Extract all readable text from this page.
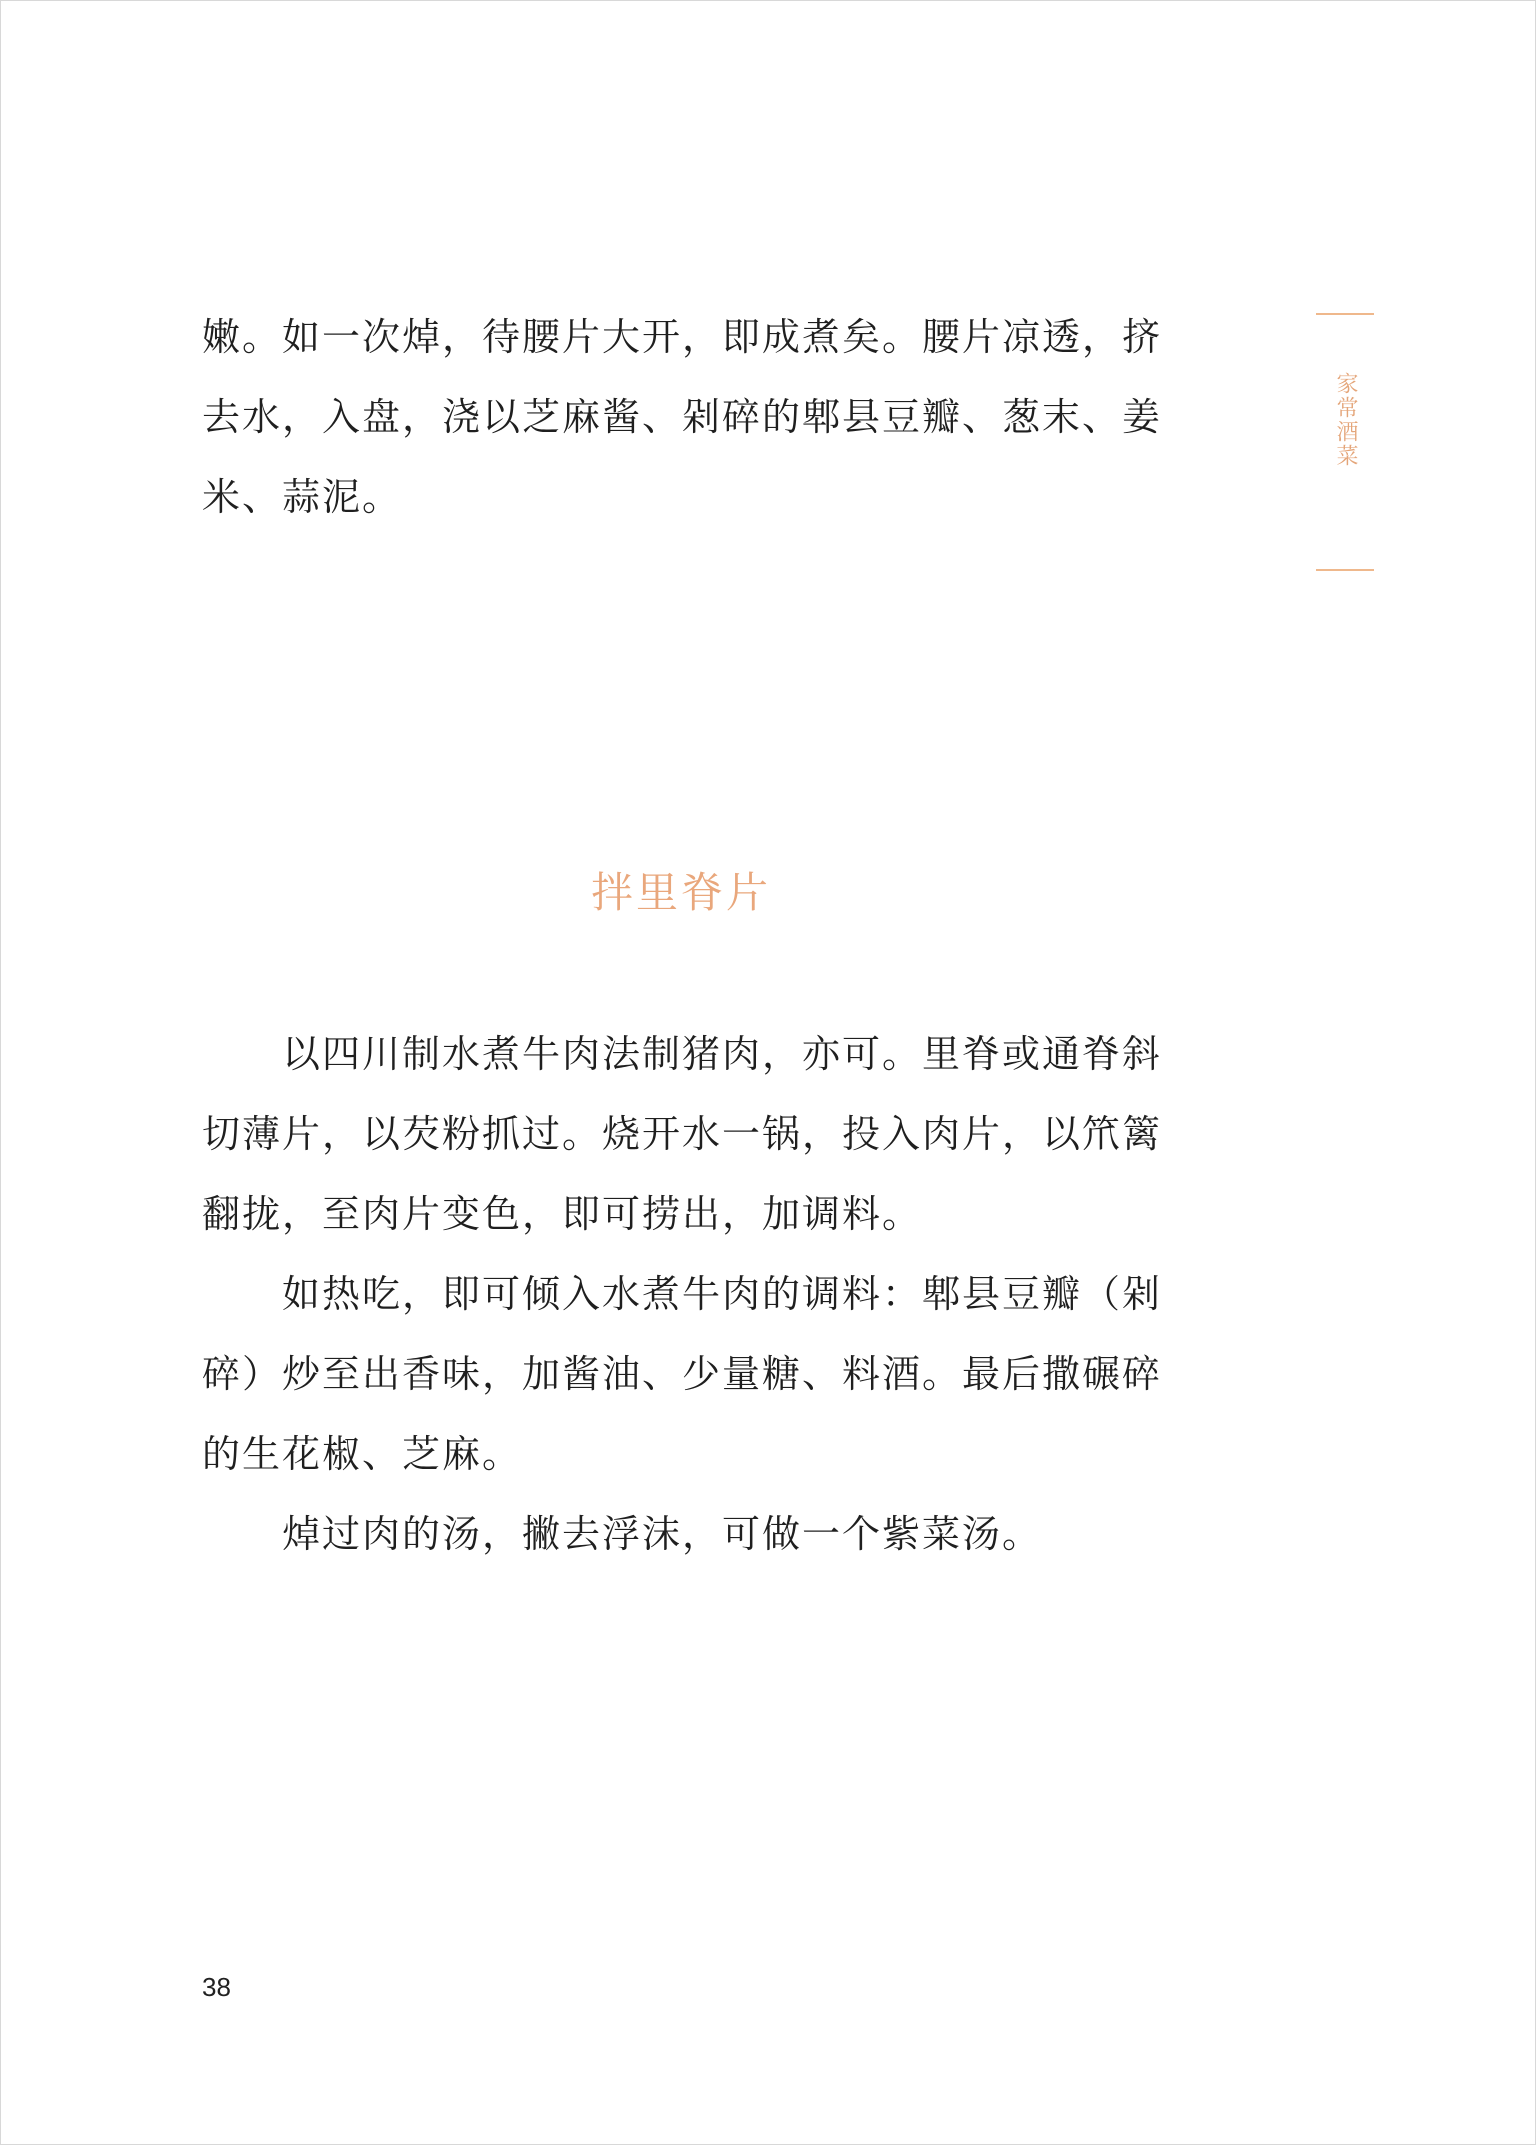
嫩。如一次焯，待腰片大开，即成煮矣。腰片凉透，挤去水，入盘，浇以芝麻酱、剁碎的郫县豆瓣、葱末、姜米、蒜泥。

拌里脊片

以四川制水煮牛肉法制猪肉，亦可。里脊或通脊斜切薄片，以芡粉抓过。烧开水一锅，投入肉片，以笊篱翻拢，至肉片变色，即可捞出，加调料。

如热吃，即可倾入水煮牛肉的调料：郫县豆瓣（剁碎）炒至出香味，加酱油、少量糖、料酒。最后撒碾碎的生花椒、芝麻。

焯过肉的汤，撇去浮沫，可做一个紫菜汤。

家常酒菜
38
